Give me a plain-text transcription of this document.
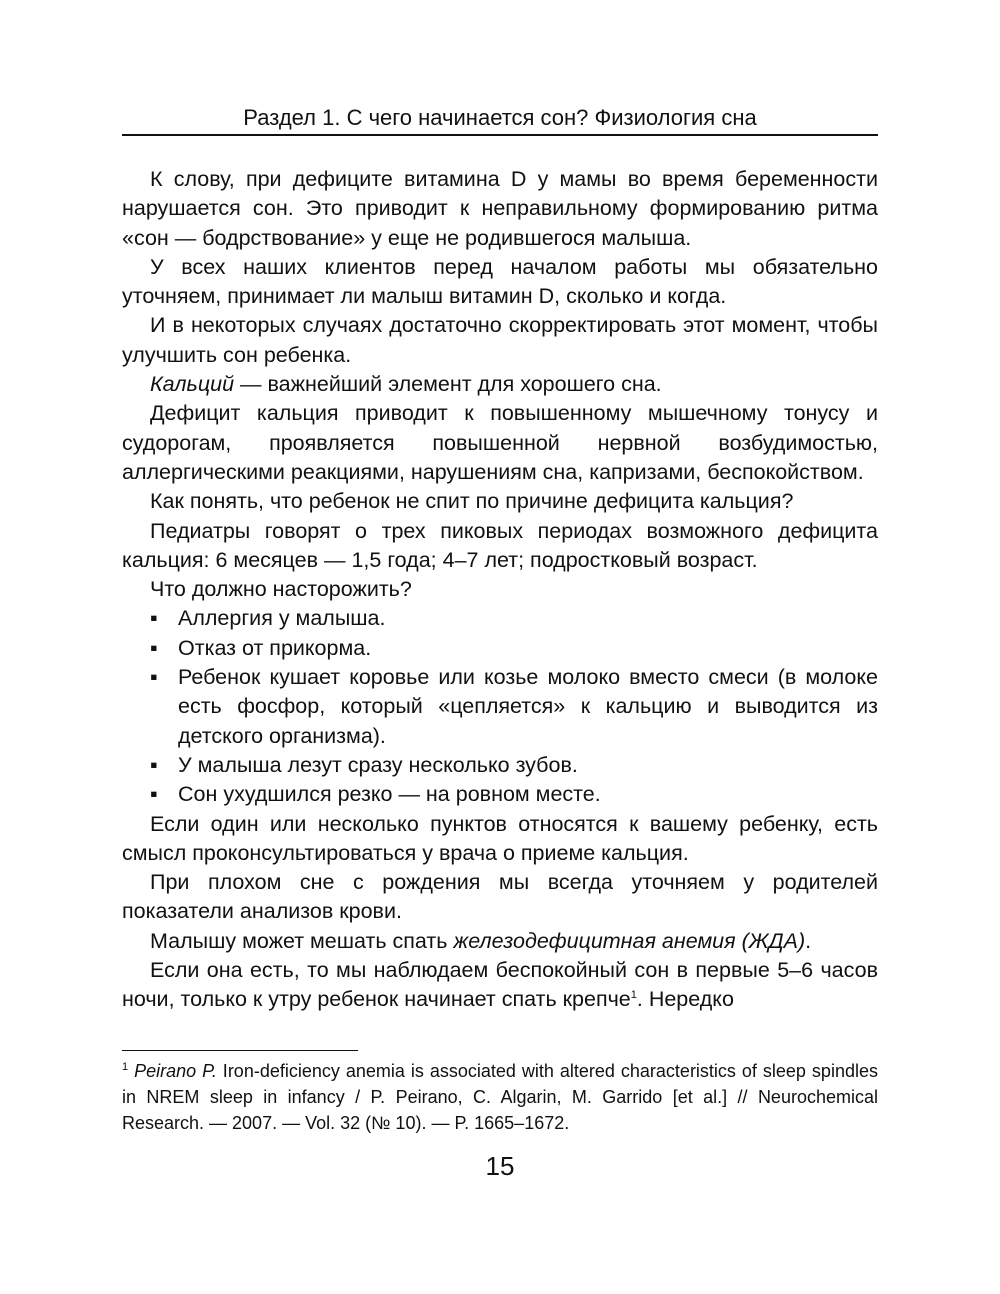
Раздел 1. С чего начинается сон? Физиология сна

К слову, при дефиците витамина D у мамы во время беременности нарушается сон. Это приводит к неправильному формированию ритма «сон — бодрствование» у еще не родившегося малыша.

У всех наших клиентов перед началом работы мы обязательно уточняем, принимает ли малыш витамин D, сколько и когда.

И в некоторых случаях достаточно скорректировать этот момент, чтобы улучшить сон ребенка.

Кальций — важнейший элемент для хорошего сна.

Дефицит кальция приводит к повышенному мышечному тонусу и судорогам, проявляется повышенной нервной возбудимостью, аллергическими реакциями, нарушениям сна, капризами, беспокойством.

Как понять, что ребенок не спит по причине дефицита кальция?

Педиатры говорят о трех пиковых периодах возможного дефицита кальция: 6 месяцев — 1,5 года; 4–7 лет; подростковый возраст.

Что должно насторожить?

▪ Аллергия у малыша.
▪ Отказ от прикорма.
▪ Ребенок кушает коровье или козье молоко вместо смеси (в молоке есть фосфор, который «цепляется» к кальцию и выводится из детского организма).
▪ У малыша лезут сразу несколько зубов.
▪ Сон ухудшился резко — на ровном месте.

Если один или несколько пунктов относятся к вашему ребенку, есть смысл проконсультироваться у врача о приеме кальция.

При плохом сне с рождения мы всегда уточняем у родителей показатели анализов крови.

Малышу может мешать спать железодефицитная анемия (ЖДА).

Если она есть, то мы наблюдаем беспокойный сон в первые 5–6 часов ночи, только к утру ребенок начинает спать крепче$^1$. Нередко

$^1$ Peirano P. Iron-deficiency anemia is associated with altered characteristics of sleep spindles in NREM sleep in infancy / P. Peirano, C. Algarin, M. Garrido [et al.] // Neurochemical Research. — 2007. — Vol. 32 (№ 10). — P. 1665–1672.
15
